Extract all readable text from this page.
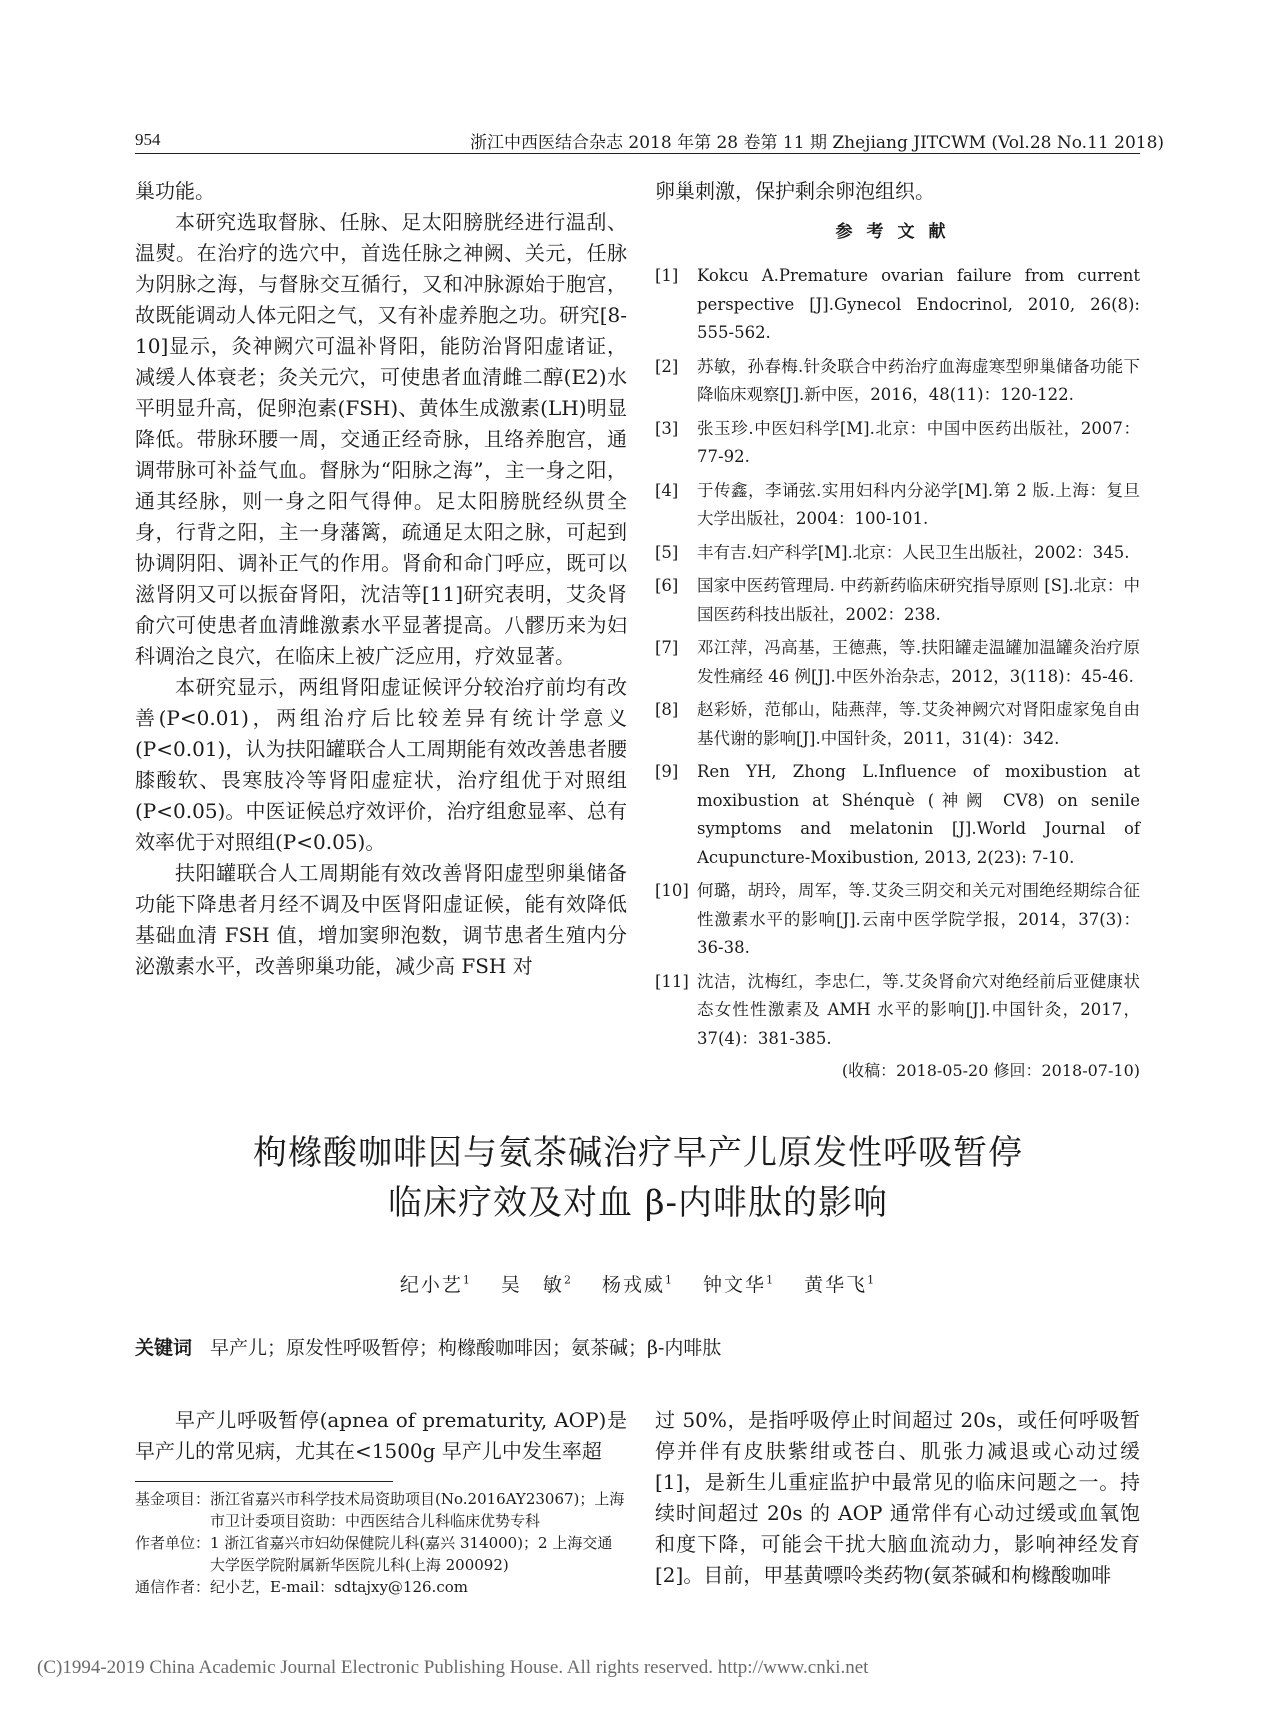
954	浙江中西医结合杂志 2018 年第 28 卷第 11 期 Zhejiang JITCWM (Vol.28 No.11 2018)

巢功能。

本研究选取督脉、任脉、足太阳膀胱经进行温刮、温熨。在治疗的选穴中，首选任脉之神阙、关元，任脉为阴脉之海，与督脉交互循行，又和冲脉源始于胞宫，故既能调动人体元阳之气，又有补虚养胞之功。研究[8-10]显示，灸神阙穴可温补肾阳，能防治肾阳虚诸证，减缓人体衰老；灸关元穴，可使患者血清雌二醇(E2)水平明显升高，促卵泡素(FSH)、黄体生成激素(LH)明显降低。带脉环腰一周，交通正经奇脉，且络养胞宫，通调带脉可补益气血。督脉为“阳脉之海”，主一身之阳，通其经脉，则一身之阳气得伸。足太阳膀胱经纵贯全身，行背之阳，主一身藩篱，疏通足太阳之脉，可起到协调阴阳、调补正气的作用。肾俞和命门呼应，既可以滋肾阴又可以振奋肾阳，沈洁等[11]研究表明，艾灸肾俞穴可使患者血清雌激素水平显著提高。八髎历来为妇科调治之良穴，在临床上被广泛应用，疗效显著。

本研究显示，两组肾阳虚证候评分较治疗前均有改善(P<0.01)，两组治疗后比较差异有统计学意义(P<0.01)，认为扶阳罐联合人工周期能有效改善患者腰膝酸软、畏寒肢冷等肾阳虚症状，治疗组优于对照组(P<0.05)。中医证候总疗效评价，治疗组愈显率、总有效率优于对照组(P<0.05)。

扶阳罐联合人工周期能有效改善肾阳虚型卵巢储备功能下降患者月经不调及中医肾阳虚证候，能有效降低基础血清 FSH 值，增加窦卵泡数，调节患者生殖内分泌激素水平，改善卵巢功能，减少高 FSH 对

卵巢刺激，保护剩余卵泡组织。

参考文献

[1]	Kokcu A.Premature ovarian failure from current perspective [J].Gynecol Endocrinol, 2010, 26(8): 555-562.
[2]	苏敏，孙春梅.针灸联合中药治疗血海虚寒型卵巢储备功能下降临床观察[J].新中医，2016，48(11)：120-122.
[3]	张玉珍.中医妇科学[M].北京：中国中医药出版社，2007：77-92.
[4]	于传鑫，李诵弦.实用妇科内分泌学[M].第 2 版.上海：复旦大学出版社，2004：100-101.
[5]	丰有吉.妇产科学[M].北京：人民卫生出版社，2002：345.
[6]	国家中医药管理局. 中药新药临床研究指导原则 [S].北京：中国医药科技出版社，2002：238.
[7]	邓江萍，冯高基，王德燕，等.扶阳罐走温罐加温罐灸治疗原发性痛经 46 例[J].中医外治杂志，2012，3(118)：45-46.
[8]	赵彩娇，范郁山，陆燕萍，等.艾灸神阙穴对肾阳虚家兔自由基代谢的影响[J].中国针灸，2011，31(4)：342.
[9]	Ren YH, Zhong L.Influence of moxibustion at moxibustion at Shénquè (神阙 CV8) on senile symptoms and melatonin [J].World Journal of Acupuncture-Moxibustion, 2013, 2(23): 7-10.
[10] 何璐，胡玲，周军，等.艾灸三阴交和关元对围绝经期综合征性激素水平的影响[J].云南中医学院学报，2014，37(3)：36-38.
[11] 沈洁，沈梅红，李忠仁，等.艾灸肾俞穴对绝经前后亚健康状态女性性激素及 AMH 水平的影响[J].中国针灸，2017，37(4)：381-385.

(收稿：2018-05-20 修回：2018-07-10)

枸橼酸咖啡因与氨茶碱治疗早产儿原发性呼吸暂停
临床疗效及对血 β-内啡肽的影响
纪小艺$^1$  吴　敏$^2$  杨戎威$^1$  钟文华$^1$  黄华飞$^1$
关键词 早产儿；原发性呼吸暂停；枸橼酸咖啡因；氨茶碱；β-内啡肽

早产儿呼吸暂停(apnea of prematurity, AOP)是早产儿的常见病，尤其在<1500g 早产儿中发生率超

基金项目： 浙江省嘉兴市科学技术局资助项目(No.2016AY23067)；上海市卫计委项目资助：中西医结合儿科临床优势专科
作者单位： 1 浙江省嘉兴市妇幼保健院儿科(嘉兴 314000)；2 上海交通大学医学院附属新华医院儿科(上海 200092)
通信作者： 纪小艺，E-mail：sdtajxy@126.com

过 50%，是指呼吸停止时间超过 20s，或任何呼吸暂停并伴有皮肤紫绀或苍白、肌张力减退或心动过缓[1]，是新生儿重症监护中最常见的临床问题之一。持续时间超过 20s 的 AOP 通常伴有心动过缓或血氧饱和度下降，可能会干扰大脑血流动力，影响神经发育[2]。目前，甲基黄嘌呤类药物(氨茶碱和枸橼酸咖啡

(C)1994-2019 China Academic Journal Electronic Publishing House. All rights reserved. http://www.cnki.net
